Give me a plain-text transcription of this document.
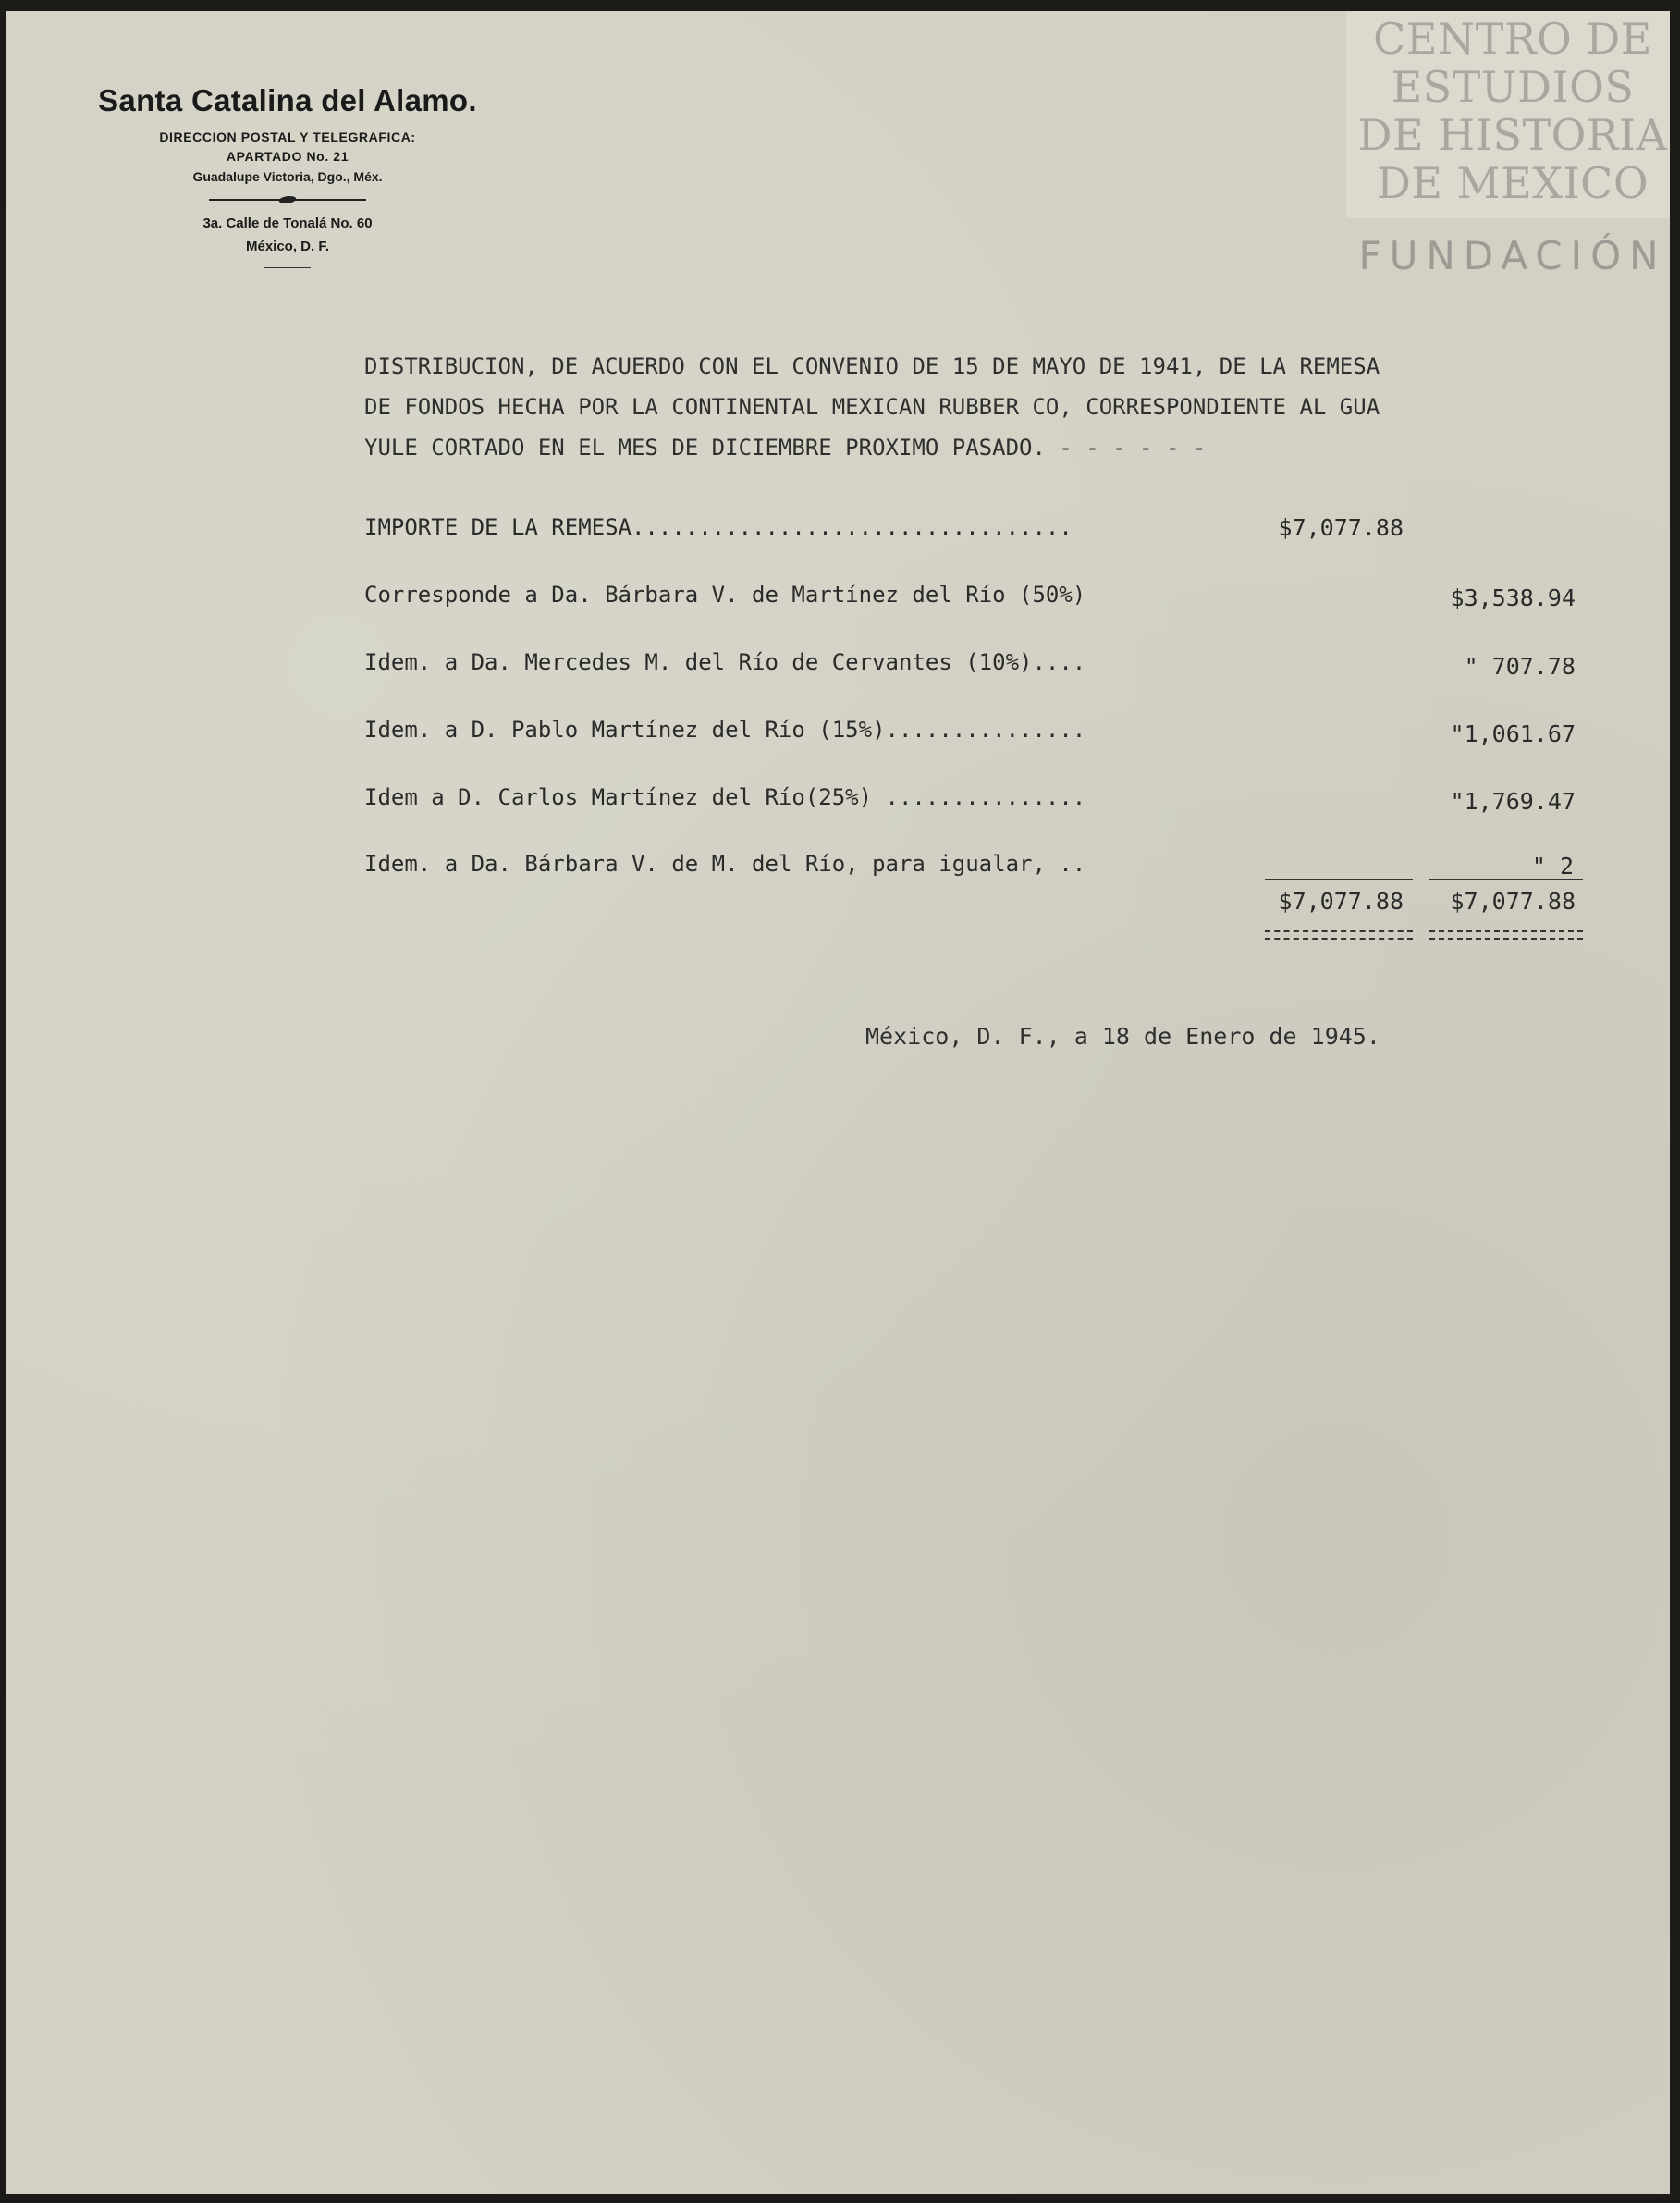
Santa Catalina del Alamo.
DIRECCION POSTAL Y TELEGRAFICA:
APARTADO No. 21
Guadalupe Victoria, Dgo., Méx.
3a. Calle de Tonalá No. 60
México, D. F.
CENTRO DE
ESTUDIOS
DE HISTORIA
DE MEXICO
FUNDACIÓN
DISTRIBUCION, DE ACUERDO CON EL CONVENIO DE 15 DE MAYO DE 1941, DE LA REMESA
DE FONDOS HECHA POR LA CONTINENTAL MEXICAN RUBBER CO, CORRESPONDIENTE AL GUA
YULE CORTADO EN EL MES DE DICIEMBRE PROXIMO PASADO. - - - - - -
IMPORTE DE LA REMESA.................................	$7,077.88
Corresponde a Da. Bárbara V. de Martínez del Río (50%)	$3,538.94
Idem. a Da. Mercedes M. del Río de Cervantes (10%)....	" 707.78
Idem. a D. Pablo Martínez del Río (15%)...............	"1,061.67
Idem a D. Carlos Martínez del Río(25%) ...............	"1,769.47
Idem. a Da. Bárbara V. de M. del Río, para igualar, ..	" 2
$7,077.88 $7,077.88
México, D. F., a 18 de Enero de 1945.
